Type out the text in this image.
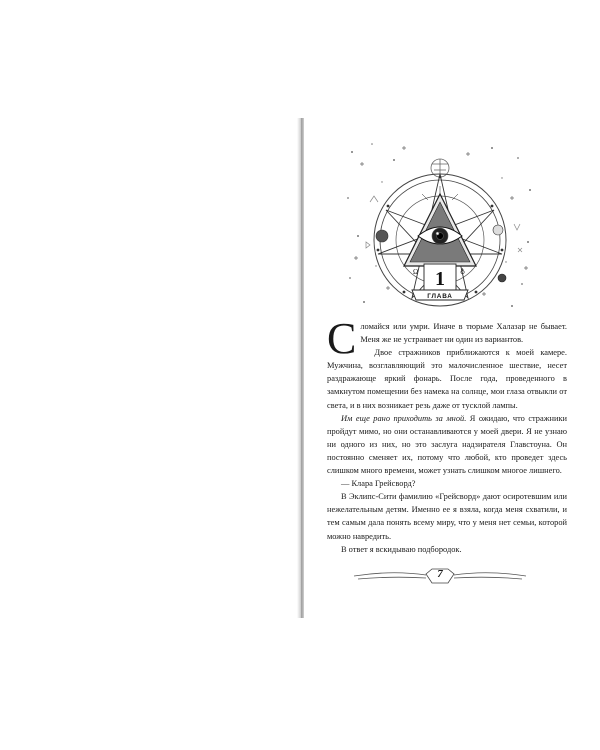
Ω	♁
1
ГЛАВА

Сломайся или умри. Иначе в тюрьме Халазар не бывает. Меня же не устраивает ни один из вариантов.

Двое стражников приближаются к моей камере. Мужчина, возглавляющий это малочисленное шествие, несет раздражающе яркий фонарь. После года, проведенного в замкнутом помещении без намека на солнце, мои глаза отвыкли от света, и в них возникает резь даже от тусклой лампы.

Им еще рано приходить за мной. Я ожидаю, что стражники пройдут мимо, но они останавливаются у моей двери. Я не узнаю ни одного из них, но это заслуга надзирателя Главстоуна. Он постоянно сменяет их, потому что любой, кто проведет здесь слишком много времени, может узнать слишком многое лишнего.

— Клара Грейсворд?

В Эклипс-Сити фамилию «Грейсворд» дают осиротевшим или нежелательным детям. Именно ее я взяла, когда меня схватили, и тем самым дала понять всему миру, что у меня нет семьи, которой можно навредить.

В ответ я вскидываю подбородок.

7
